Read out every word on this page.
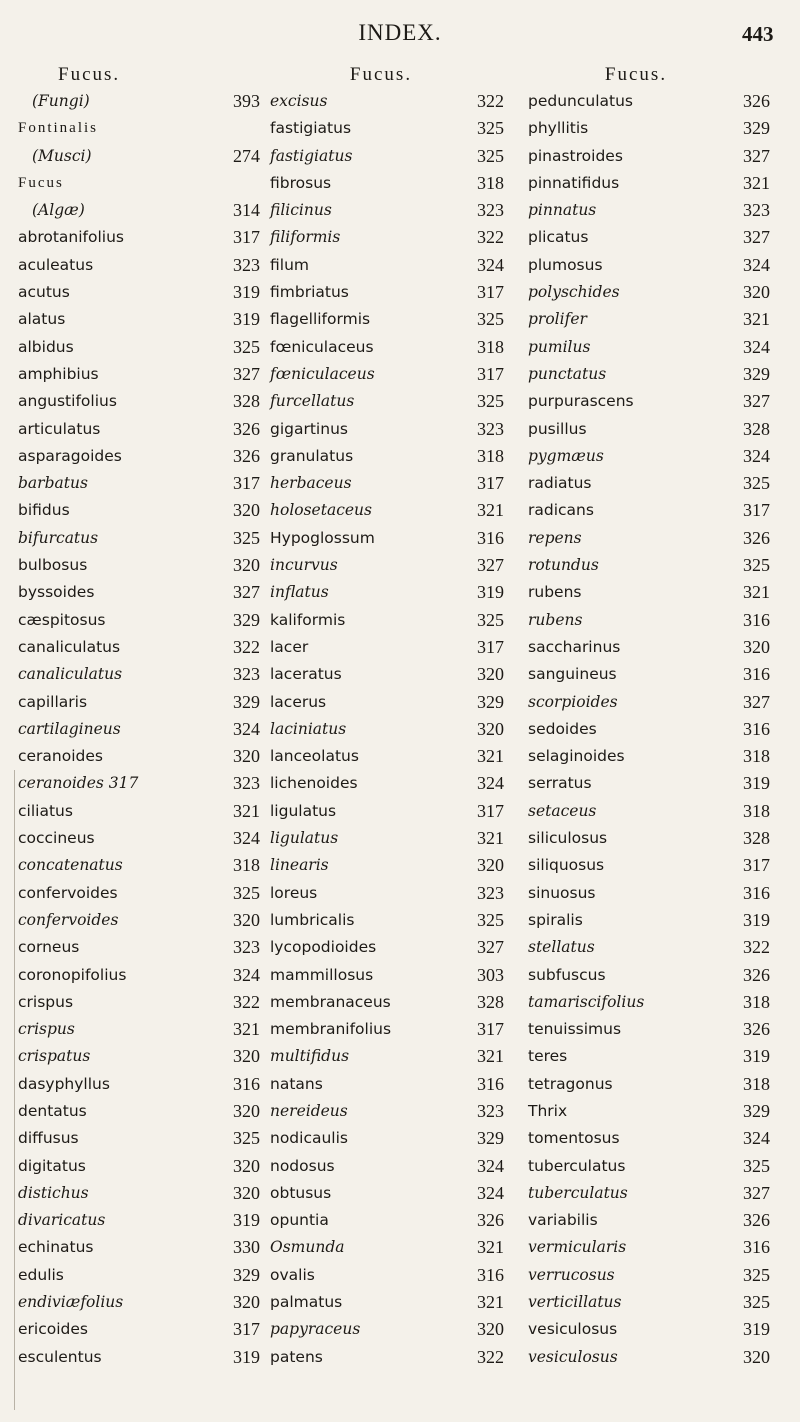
INDEX.	443
Fucus.
(Fungi)	393
Fontinalis
(Musci)	274
Fucus
(Algæ)	314
abrotanifolius	317
aculeatus	323
acutus	319
alatus	319
albidus	325
amphibius	327
angustifolius	328
articulatus	326
asparagoides	326
barbatus	317
bifidus	320
bifurcatus	325
bulbosus	320
byssoides	327
cæspitosus	329
canaliculatus	322
canaliculatus	323
capillaris	329
cartilagineus	324
ceranoides	320
ceranoides 317	323
ciliatus	321
coccineus	324
concatenatus	318
confervoides	325
confervoides	320
corneus	323
coronopifolius	324
crispus	322
crispus	321
crispatus	320
dasyphyllus	316
dentatus	320
diffusus	325
digitatus	320
distichus	320
divaricatus	319
echinatus	330
edulis	329
endiviæfolius	320
ericoides	317
esculentus	319
Fucus.
excisus	322
fastigiatus	325
fastigiatus	325
fibrosus	318
filicinus	323
filiformis	322
filum	324
fimbriatus	317
flagelliformis	325
fœniculaceus	318
fœniculaceus	317
furcellatus	325
gigartinus	323
granulatus	318
herbaceus	317
holosetaceus	321
Hypoglossum	316
incurvus	327
inflatus	319
kaliformis	325
lacer	317
laceratus	320
lacerus	329
laciniatus	320
lanceolatus	321
lichenoides	324
ligulatus	317
ligulatus	321
linearis	320
loreus	323
lumbricalis	325
lycopodioides	327
mammillosus	303
membranaceus	328
membranifolius	317
multifidus	321
natans	316
nereideus	323
nodicaulis	329
nodosus	324
obtusus	324
opuntia	326
Osmunda	321
ovalis	316
palmatus	321
papyraceus	320
patens	322
Fucus.
pedunculatus	326
phyllitis	329
pinastroides	327
pinnatifidus	321
pinnatus	323
plicatus	327
plumosus	324
polyschides	320
prolifer	321
pumilus	324
punctatus	329
purpurascens	327
pusillus	328
pygmæus	324
radiatus	325
radicans	317
repens	326
rotundus	325
rubens	321
rubens	316
saccharinus	320
sanguineus	316
scorpioides	327
sedoides	316
selaginoides	318
serratus	319
setaceus	318
siliculosus	328
siliquosus	317
sinuosus	316
spiralis	319
stellatus	322
subfuscus	326
tamariscifolius	318
tenuissimus	326
teres	319
tetragonus	318
Thrix	329
tomentosus	324
tuberculatus	325
tuberculatus	327
variabilis	326
vermicularis	316
verrucosus	325
verticillatus	325
vesiculosus	319
vesiculosus	320
